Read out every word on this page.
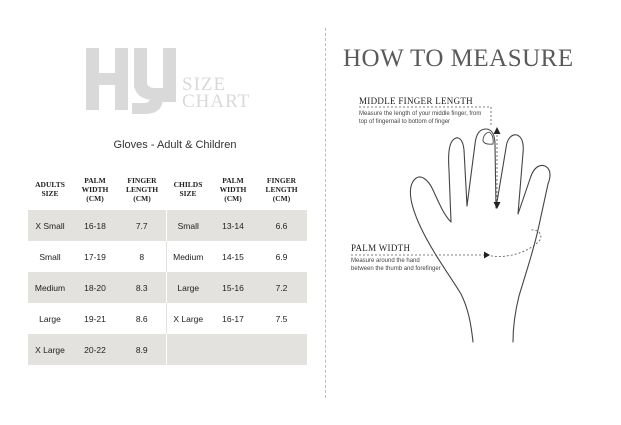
SIZE
CHART

Gloves - Adult & Children

ADULTS SIZE	PALM WIDTH (CM)	FINGER LENGTH (CM)	CHILDS SIZE	PALM WIDTH (CM)	FINGER LENGTH (CM)
X Small	16-18	7.7	Small	13-14	6.6
Small	17-19	8	Medium	14-15	6.9
Medium	18-20	8.3	Large	15-16	7.2
Large	19-21	8.6	X Large	16-17	7.5
X Large	20-22	8.9			
HOW TO MEASURE

MIDDLE FINGER LENGTH

Measure the length of your middle finger, from top of fingernail to bottom of finger

PALM WIDTH

Measure around the hand between the thumb and forefinger
